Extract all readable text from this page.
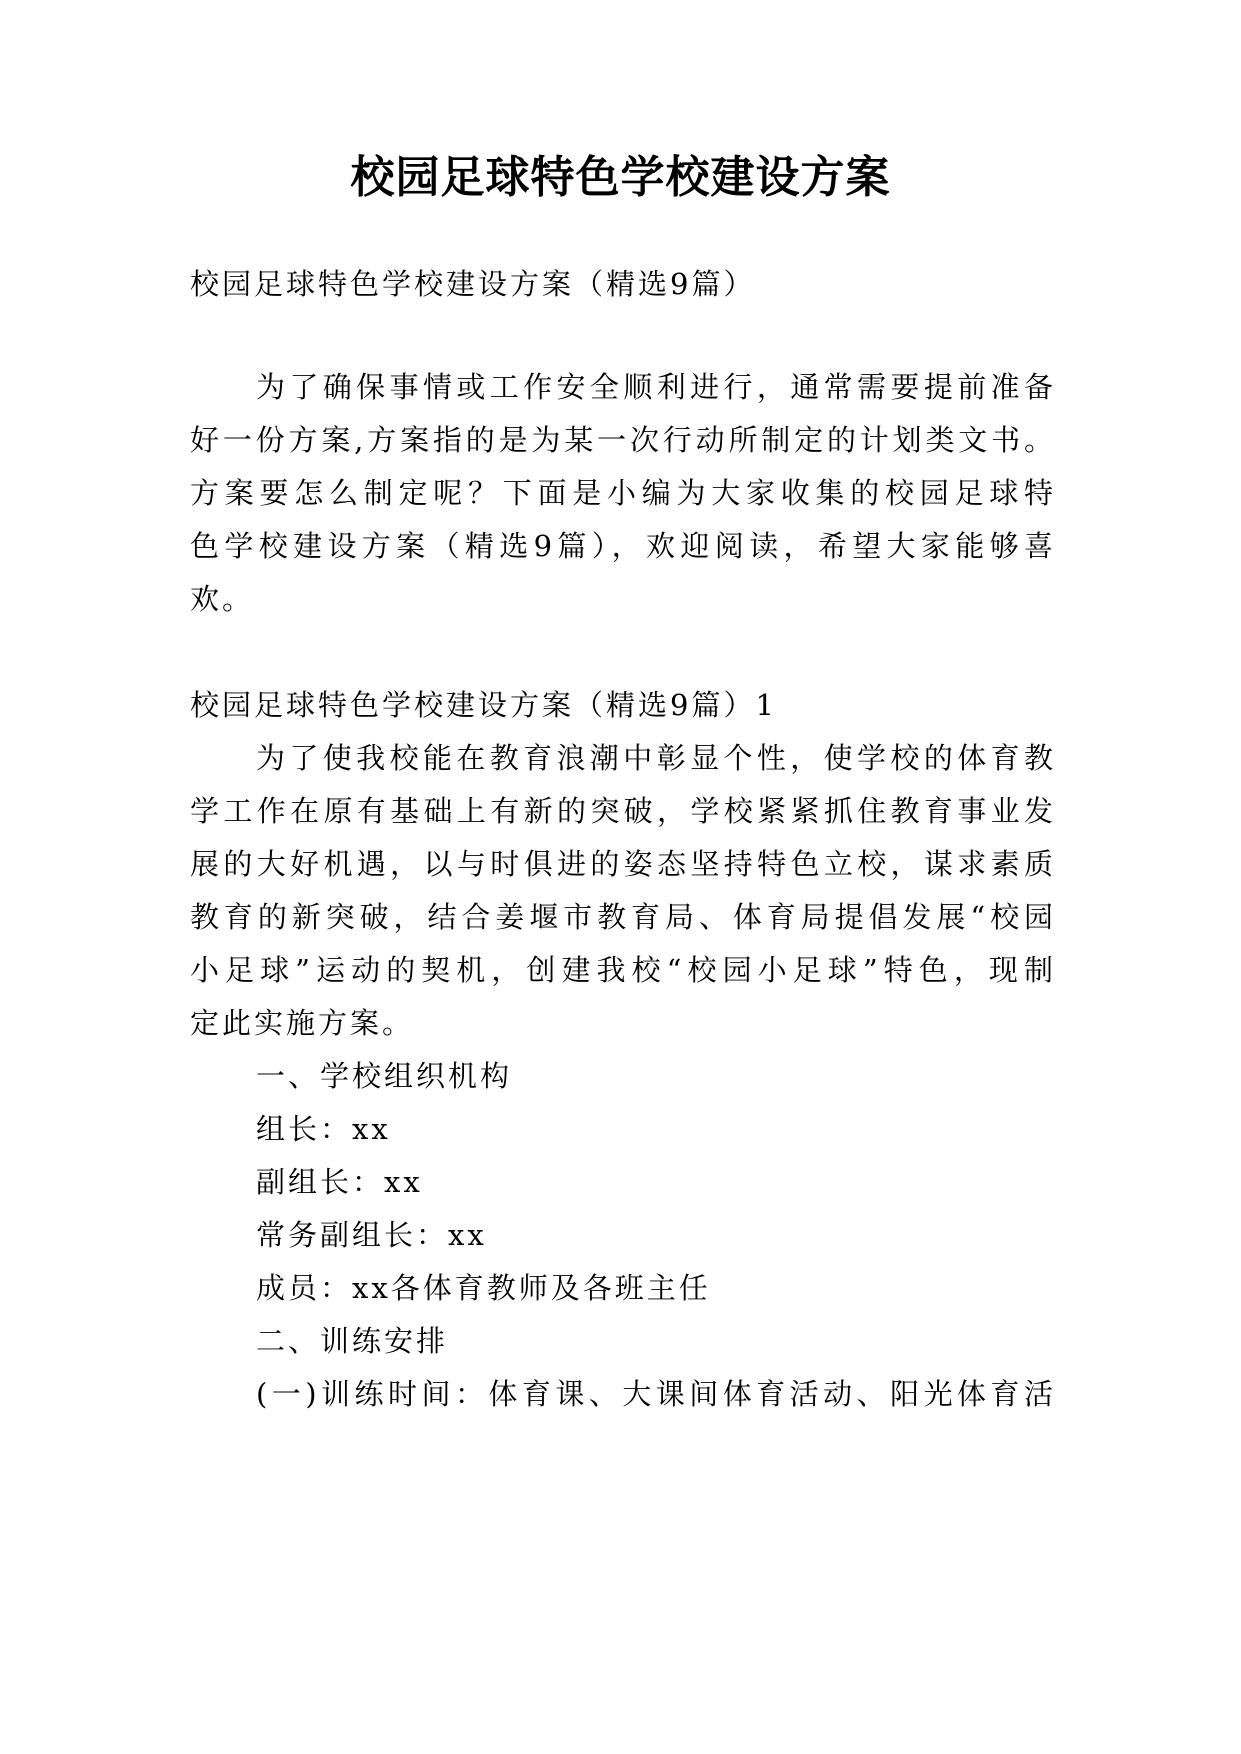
校园足球特色学校建设方案
校园足球特色学校建设方案（精选9篇）
为了确保事情或工作安全顺利进行，通常需要提前准备
好一份方案,方案指的是为某一次行动所制定的计划类文书。
方案要怎么制定呢？下面是小编为大家收集的校园足球特
色学校建设方案（精选9篇），欢迎阅读，希望大家能够喜
欢。
校园足球特色学校建设方案（精选9篇）1
为了使我校能在教育浪潮中彰显个性，使学校的体育教
学工作在原有基础上有新的突破，学校紧紧抓住教育事业发
展的大好机遇，以与时俱进的姿态坚持特色立校，谋求素质
教育的新突破，结合姜堰市教育局、体育局提倡发展“校园
小足球”运动的契机，创建我校“校园小足球”特色，现制
定此实施方案。
一、学校组织机构
组长：xx
副组长：xx
常务副组长：xx
成员：xx各体育教师及各班主任
二、训练安排
(一)训练时间：体育课、大课间体育活动、阳光体育活
